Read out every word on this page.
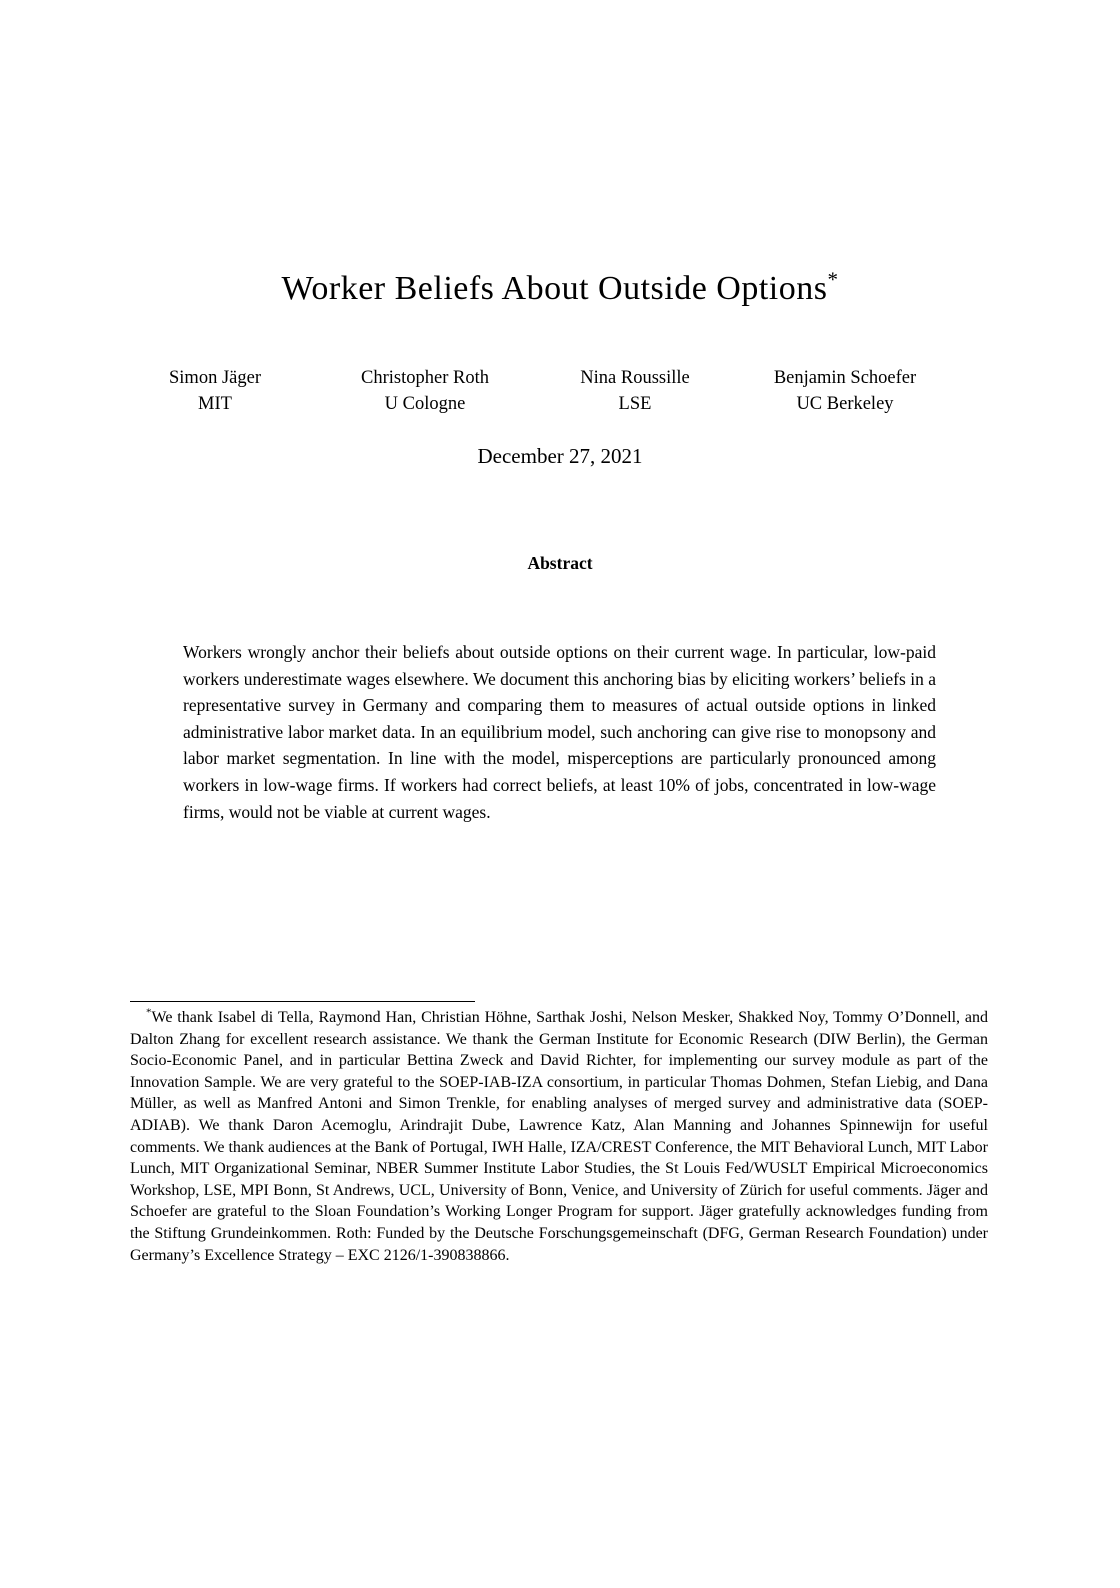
Worker Beliefs About Outside Options*
Simon Jäger
MIT
Christopher Roth
U Cologne
Nina Roussille
LSE
Benjamin Schoefer
UC Berkeley
December 27, 2021
Abstract

Workers wrongly anchor their beliefs about outside options on their current wage. In particular, low-paid workers underestimate wages elsewhere. We document this anchoring bias by eliciting workers’ beliefs in a representative survey in Germany and comparing them to measures of actual outside options in linked administrative labor market data. In an equilibrium model, such anchoring can give rise to monopsony and labor market segmentation. In line with the model, misperceptions are particularly pronounced among workers in low-wage firms. If workers had correct beliefs, at least 10% of jobs, concentrated in low-wage firms, would not be viable at current wages.

*We thank Isabel di Tella, Raymond Han, Christian Höhne, Sarthak Joshi, Nelson Mesker, Shakked Noy, Tommy O’Donnell, and Dalton Zhang for excellent research assistance. We thank the German Institute for Economic Research (DIW Berlin), the German Socio-Economic Panel, and in particular Bettina Zweck and David Richter, for implementing our survey module as part of the Innovation Sample. We are very grateful to the SOEP-IAB-IZA consortium, in particular Thomas Dohmen, Stefan Liebig, and Dana Müller, as well as Manfred Antoni and Simon Trenkle, for enabling analyses of merged survey and administrative data (SOEP-ADIAB). We thank Daron Acemoglu, Arindrajit Dube, Lawrence Katz, Alan Manning and Johannes Spinnewijn for useful comments. We thank audiences at the Bank of Portugal, IWH Halle, IZA/CREST Conference, the MIT Behavioral Lunch, MIT Labor Lunch, MIT Organizational Seminar, NBER Summer Institute Labor Studies, the St Louis Fed/WUSLT Empirical Microeconomics Workshop, LSE, MPI Bonn, St Andrews, UCL, University of Bonn, Venice, and University of Zürich for useful comments. Jäger and Schoefer are grateful to the Sloan Foundation’s Working Longer Program for support. Jäger gratefully acknowledges funding from the Stiftung Grundeinkommen. Roth: Funded by the Deutsche Forschungsgemeinschaft (DFG, German Research Foundation) under Germany’s Excellence Strategy – EXC 2126/1-390838866.
